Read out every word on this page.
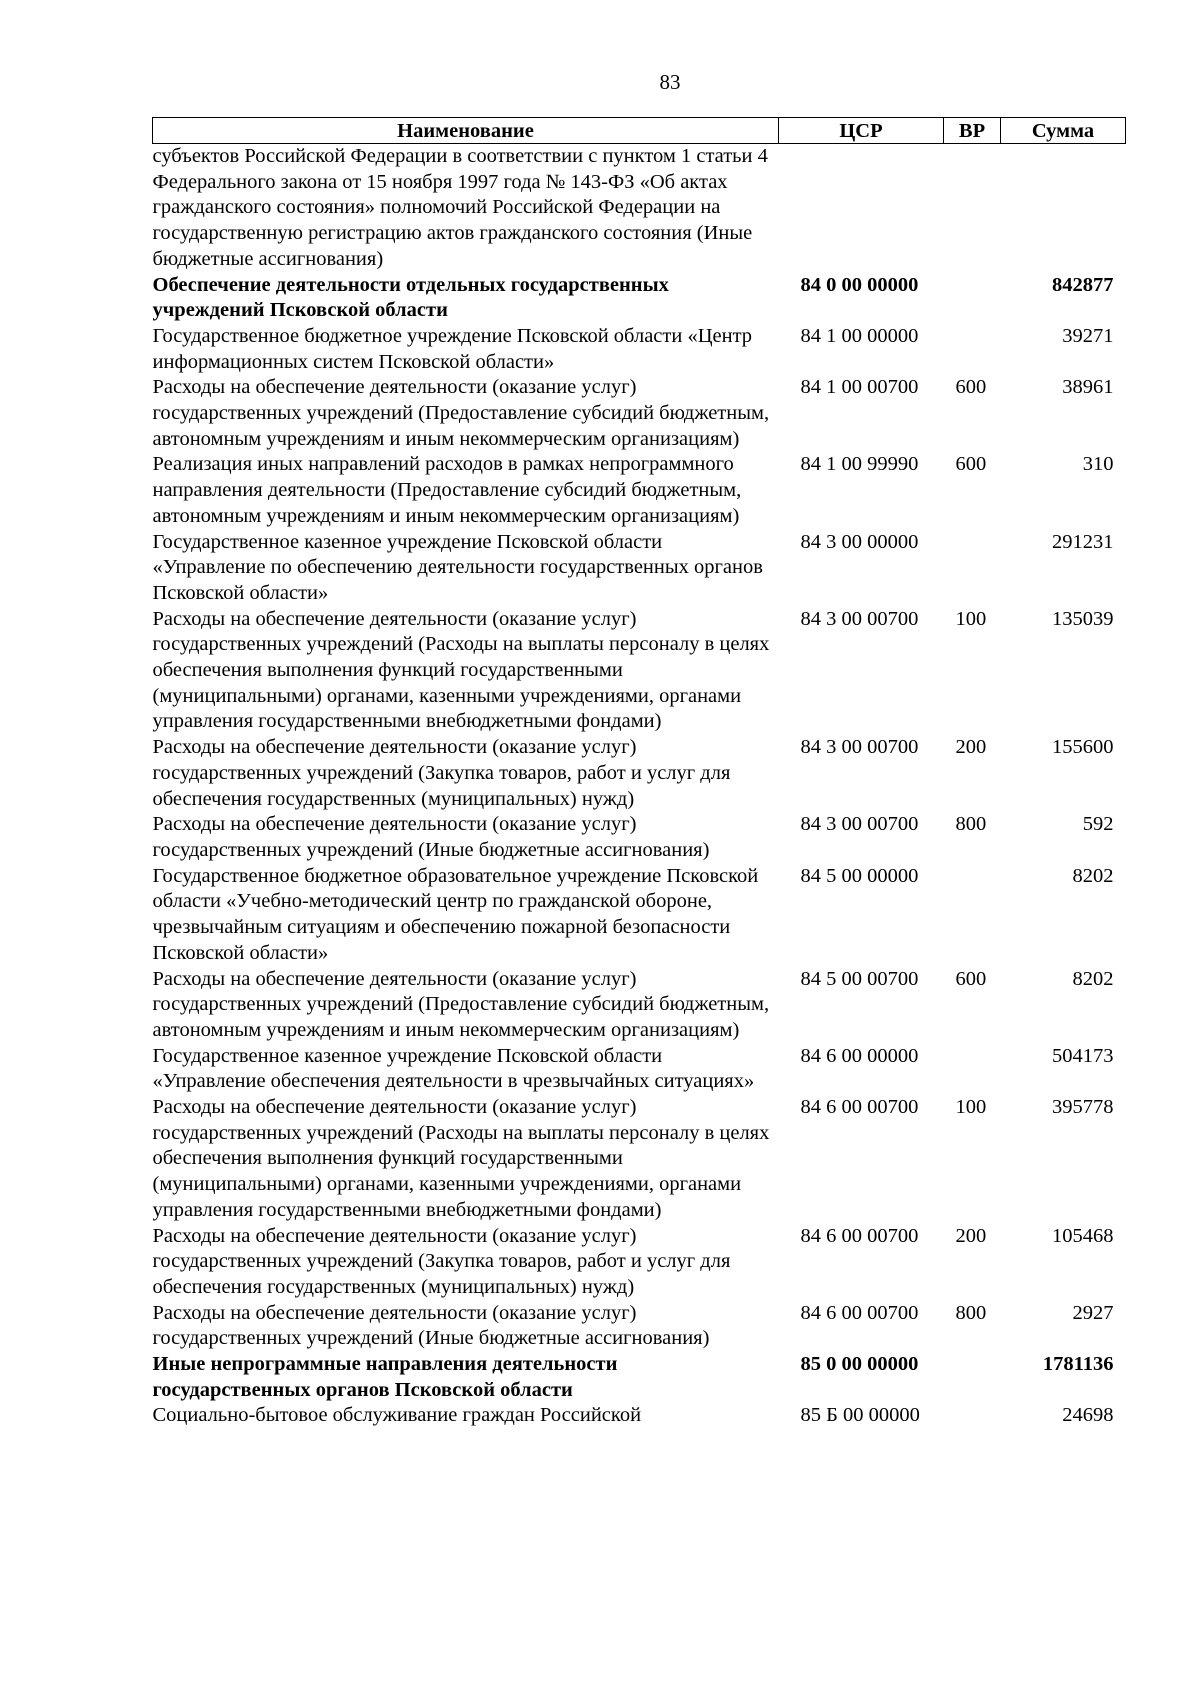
83
Наименование	ЦСР	ВР	Сумма
субъектов Российской Федерации в соответствии с пунктом 1 статьи 4 Федерального закона от 15 ноября 1997 года № 143-ФЗ «Об актах гражданского состояния» полномочий Российской Федерации на государственную регистрацию актов гражданского состояния (Иные бюджетные ассигнования)			
Обеспечение деятельности отдельных государственных учреждений Псковской области	84 0 00 00000		842877
Государственное бюджетное учреждение Псковской области «Центр информационных систем Псковской области»	84 1 00 00000		39271
Расходы на обеспечение деятельности (оказание услуг) государственных учреждений (Предоставление субсидий бюджетным, автономным учреждениям и иным некоммерческим организациям)	84 1 00 00700	600	38961
Реализация иных направлений расходов в рамках непрограммного направления деятельности (Предоставление субсидий бюджетным, автономным учреждениям и иным некоммерческим организациям)	84 1 00 99990	600	310
Государственное казенное учреждение Псковской области «Управление по обеспечению деятельности государственных органов Псковской области»	84 3 00 00000		291231
Расходы на обеспечение деятельности (оказание услуг) государственных учреждений (Расходы на выплаты персоналу в целях обеспечения выполнения функций государственными (муниципальными) органами, казенными учреждениями, органами управления государственными внебюджетными фондами)	84 3 00 00700	100	135039
Расходы на обеспечение деятельности (оказание услуг) государственных учреждений (Закупка товаров, работ и услуг для обеспечения государственных (муниципальных) нужд)	84 3 00 00700	200	155600
Расходы на обеспечение деятельности (оказание услуг) государственных учреждений (Иные бюджетные ассигнования)	84 3 00 00700	800	592
Государственное бюджетное образовательное учреждение Псковской области «Учебно-методический центр по гражданской обороне, чрезвычайным ситуациям и обеспечению пожарной безопасности Псковской области»	84 5 00 00000		8202
Расходы на обеспечение деятельности (оказание услуг) государственных учреждений (Предоставление субсидий бюджетным, автономным учреждениям и иным некоммерческим организациям)	84 5 00 00700	600	8202
Государственное казенное учреждение Псковской области «Управление обеспечения деятельности в чрезвычайных ситуациях»	84 6 00 00000		504173
Расходы на обеспечение деятельности (оказание услуг) государственных учреждений (Расходы на выплаты персоналу в целях обеспечения выполнения функций государственными (муниципальными) органами, казенными учреждениями, органами управления государственными внебюджетными фондами)	84 6 00 00700	100	395778
Расходы на обеспечение деятельности (оказание услуг) государственных учреждений (Закупка товаров, работ и услуг для обеспечения государственных (муниципальных) нужд)	84 6 00 00700	200	105468
Расходы на обеспечение деятельности (оказание услуг) государственных учреждений (Иные бюджетные ассигнования)	84 6 00 00700	800	2927
Иные непрограммные направления деятельности государственных органов Псковской области	85 0 00 00000		1781136
Социально-бытовое обслуживание граждан Российской	85 Б 00 00000		24698
